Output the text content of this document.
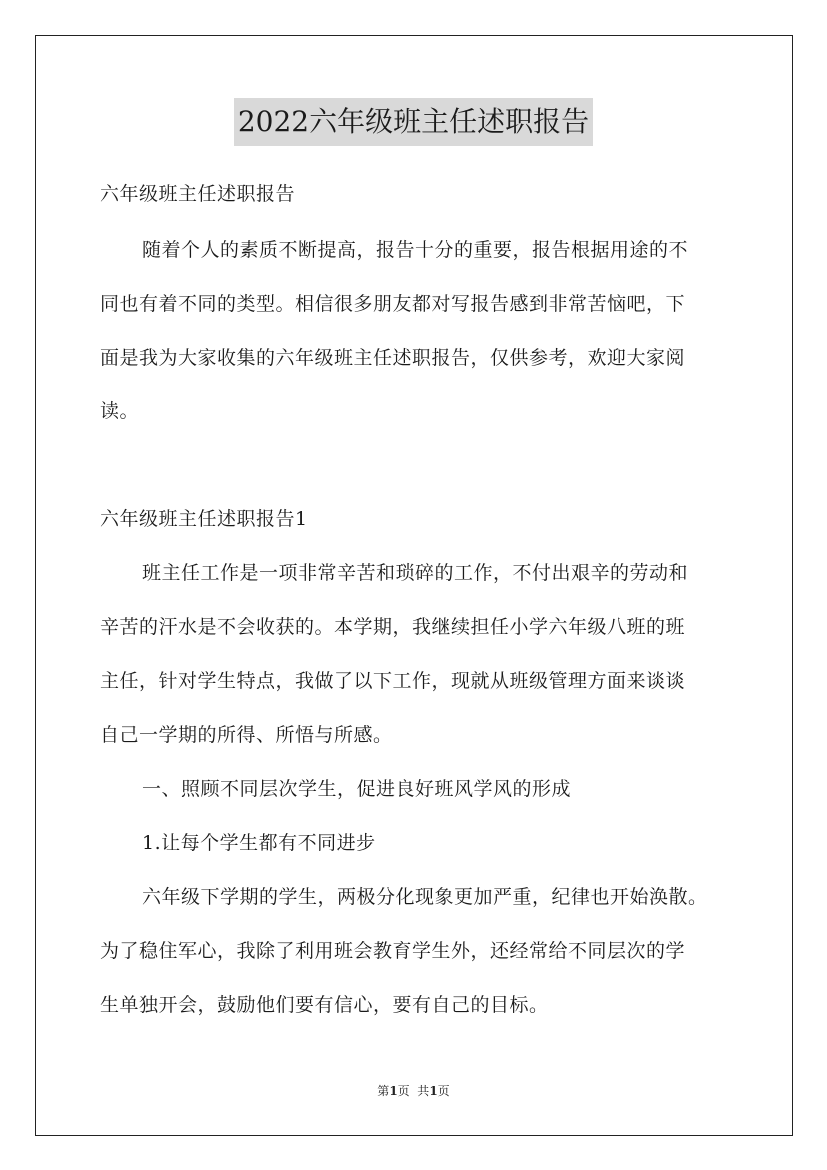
2022六年级班主任述职报告
六年级班主任述职报告
随着个人的素质不断提高，报告十分的重要，报告根据用途的不
同也有着不同的类型。相信很多朋友都对写报告感到非常苦恼吧，下
面是我为大家收集的六年级班主任述职报告，仅供参考，欢迎大家阅
读。
六年级班主任述职报告1
班主任工作是一项非常辛苦和琐碎的工作，不付出艰辛的劳动和
辛苦的汗水是不会收获的。本学期，我继续担任小学六年级八班的班
主任，针对学生特点，我做了以下工作，现就从班级管理方面来谈谈
自己一学期的所得、所悟与所感。
一、照顾不同层次学生，促进良好班风学风的形成
1.让每个学生都有不同进步
六年级下学期的学生，两极分化现象更加严重，纪律也开始涣散。
为了稳住军心，我除了利用班会教育学生外，还经常给不同层次的学
生单独开会，鼓励他们要有信心，要有自己的目标。
第1页  共1页
